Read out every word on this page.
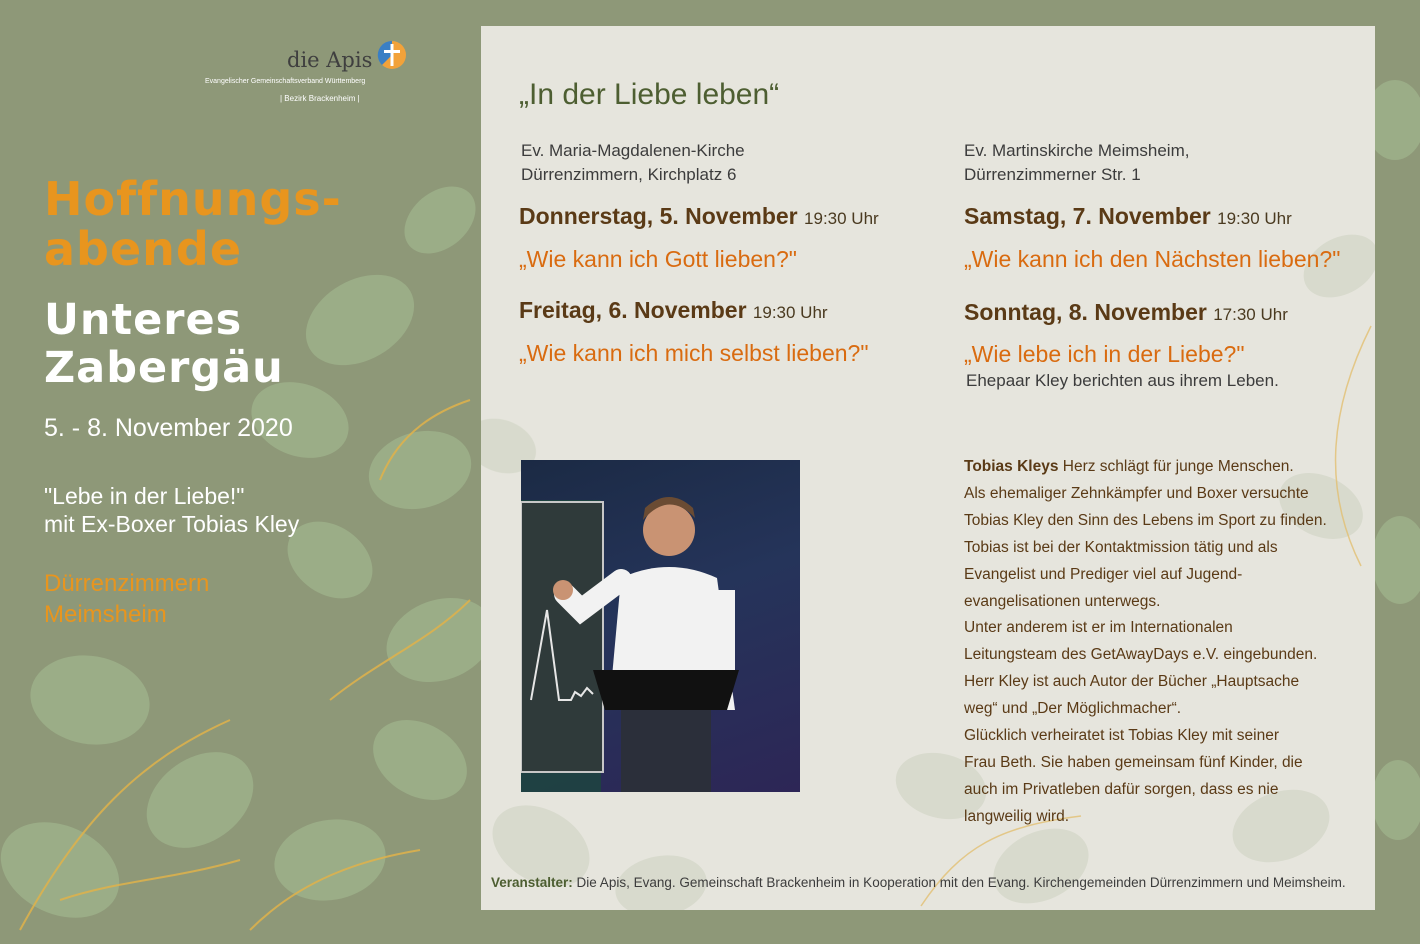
die Apis
Evangelischer Gemeinschaftsverband Württemberg
| Bezirk Brackenheim |
Hoffnungs-
abende
Unteres
Zabergäu
5. - 8. November 2020
"Lebe in der Liebe!"
mit Ex-Boxer Tobias Kley
Dürrenzimmern
Meimsheim
„In der Liebe leben“
Ev. Maria-Magdalenen-Kirche
Dürrenzimmern, Kirchplatz 6
Ev. Martinskirche Meimsheim,
Dürrenzimmerner Str. 1
Donnerstag, 5. November 19:30 Uhr
„Wie kann ich Gott lieben?"
Freitag, 6. November 19:30 Uhr
„Wie kann ich mich selbst lieben?"
Samstag, 7. November 19:30 Uhr
„Wie kann ich den Nächsten lieben?"
Sonntag, 8. November 17:30 Uhr
„Wie lebe ich in der Liebe?"
Ehepaar Kley berichten aus ihrem Leben.
Tobias Kleys Herz schlägt für junge Menschen.
Als ehemaliger Zehnkämpfer und Boxer versuchte
Tobias Kley den Sinn des Lebens im Sport zu finden.
Tobias ist bei der Kontaktmission tätig und als
Evangelist und Prediger viel auf Jugend-
evangelisationen unterwegs.
Unter anderem ist er im Internationalen
Leitungsteam des GetAwayDays e.V. eingebunden.
Herr Kley ist auch Autor der Bücher „Hauptsache
weg“ und „Der Möglichmacher“.
Glücklich verheiratet ist Tobias Kley mit seiner
Frau Beth. Sie haben gemeinsam fünf Kinder, die
auch im Privatleben dafür sorgen, dass es nie
langweilig wird.
Veranstalter: Die Apis, Evang. Gemeinschaft Brackenheim in Kooperation mit den Evang. Kirchengemeinden Dürrenzimmern und Meimsheim.
